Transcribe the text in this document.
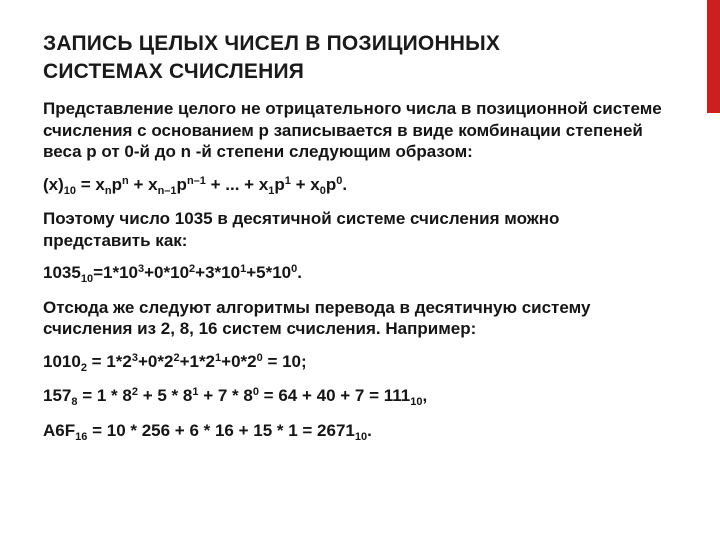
ЗАПИСЬ ЦЕЛЫХ ЧИСЕЛ В ПОЗИЦИОННЫХ
СИСТЕМАХ СЧИСЛЕНИЯ

Представление целого не отрицательного числа в позиционной системе счисления с основанием p записывается в виде комбинации степеней веса p от 0-й до n -й степени следующим образом:

$(x)_{10} = x_np^n + x_{n-1}p^{n-1}$ + ... + $x_1p^1 + x_0p^0$.

Поэтому число 1035 в десятичной системе счисления можно представить как:

$1035_{10}=1*10^3+0*10^2+3*10^1+5*10^0$.

Отсюда же следуют алгоритмы перевода в десятичную систему счисления из 2, 8, 16 систем счисления. Например:

$1010_2 = 1*2^3+0*2^2+1*2^1+0*2^0 = 10$;

$157_8 = 1 * 8^2 + 5 * 8^1 + 7 * 8^0 = 64 + 40 + 7 = 111_{10}$,

$A6F_{16} = 10 * 256 + 6 * 16 + 15 * 1 = 2671_{10}$.
